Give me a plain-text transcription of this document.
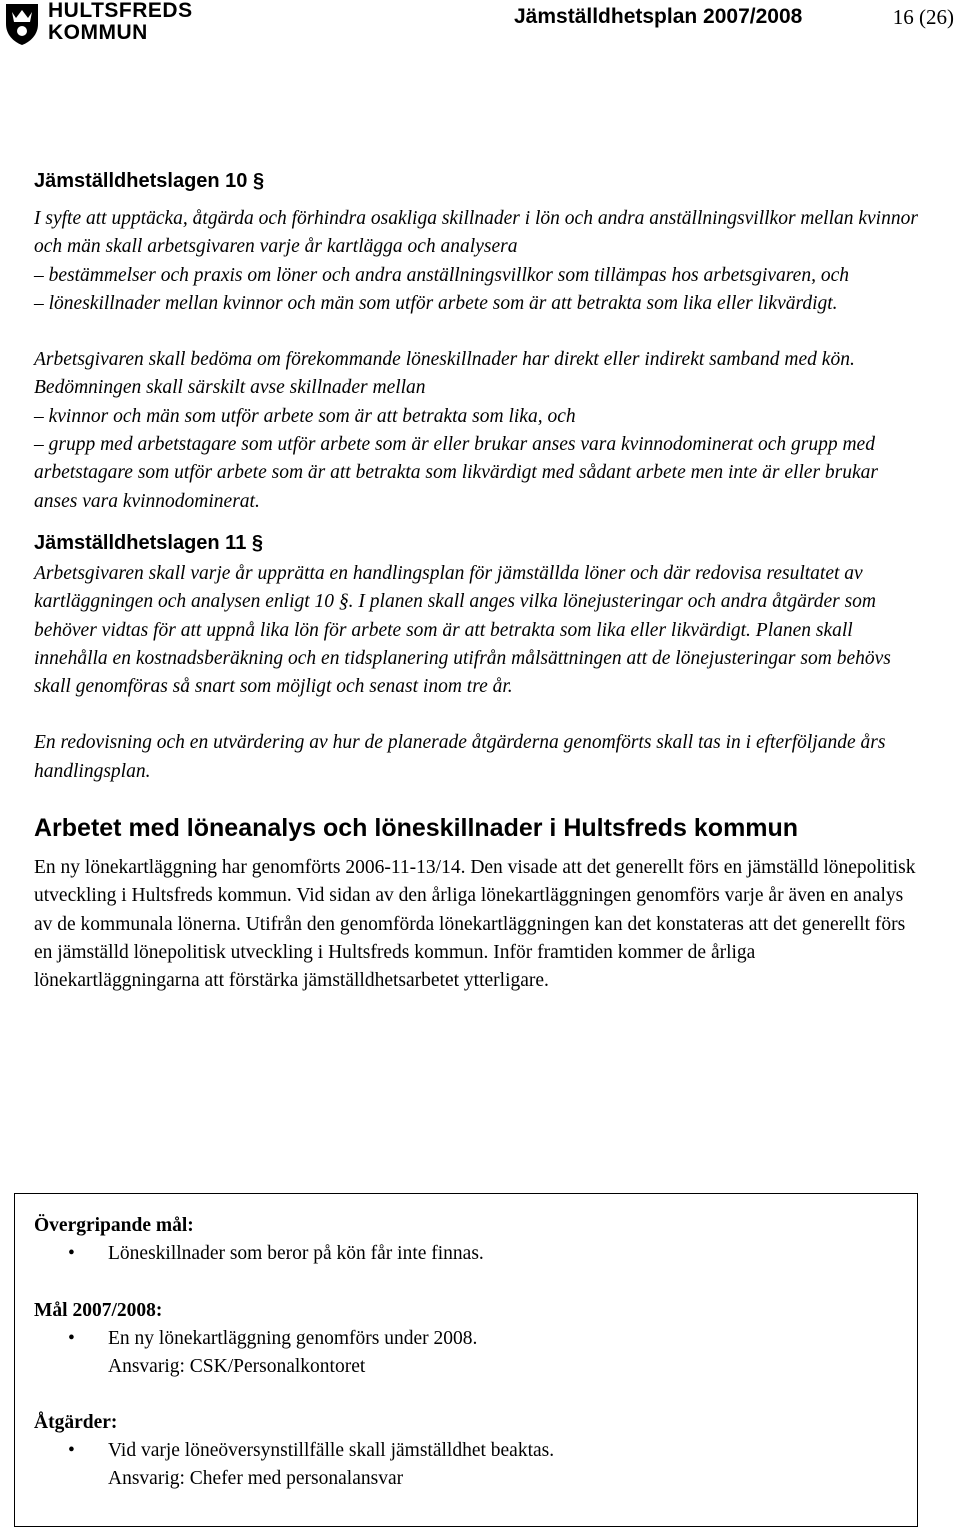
HULTSFREDS
KOMMUN
Jämställdhetsplan 2007/2008	16 (26)
Jämställdhetslagen 10 §

I syfte att upptäcka, åtgärda och förhindra osakliga skillnader i lön och andra anställningsvillkor mellan kvinnor och män skall arbetsgivaren varje år kartlägga och analysera

– bestämmelser och praxis om löner och andra anställningsvillkor som tillämpas hos arbetsgivaren, och

– löneskillnader mellan kvinnor och män som utför arbete som är att betrakta som lika eller likvärdigt.

Arbetsgivaren skall bedöma om förekommande löneskillnader har direkt eller indirekt samband med kön. Bedömningen skall särskilt avse skillnader mellan

– kvinnor och män som utför arbete som är att betrakta som lika, och

– grupp med arbetstagare som utför arbete som är eller brukar anses vara kvinnodominerat och grupp med arbetstagare som utför arbete som är att betrakta som likvärdigt med sådant arbete men inte är eller brukar anses vara kvinnodominerat.

Jämställdhetslagen 11 §

Arbetsgivaren skall varje år upprätta en handlingsplan för jämställda löner och där redovisa resultatet av kartläggningen och analysen enligt 10 §. I planen skall anges vilka lönejusteringar och andra åtgärder som behöver vidtas för att uppnå lika lön för arbete som är att betrakta som lika eller likvärdigt. Planen skall innehålla en kostnadsberäkning och en tidsplanering utifrån målsättningen att de lönejusteringar som behövs skall genomföras så snart som möjligt och senast inom tre år.

En redovisning och en utvärdering av hur de planerade åtgärderna genomförts skall tas in i efterföljande års handlingsplan.

Arbetet med löneanalys och löneskillnader i Hultsfreds kommun

En ny lönekartläggning har genomförts 2006-11-13/14. Den visade att det generellt förs en jämställd lönepolitisk utveckling i Hultsfreds kommun. Vid sidan av den årliga lönekartläggningen genomförs varje år även en analys av de kommunala lönerna. Utifrån den genomförda lönekartläggningen kan det konstateras att det generellt förs en jämställd lönepolitisk utveckling i Hultsfreds kommun. Inför framtiden kommer de årliga lönekartläggningarna att förstärka jämställdhetsarbetet ytterligare.

Övergripande mål:

• Löneskillnader som beror på kön får inte finnas.

Mål 2007/2008:

• En ny lönekartläggning genomförs under 2008.
Ansvarig: CSK/Personalkontoret

Åtgärder:

• Vid varje löneöversynstillfälle skall jämställdhet beaktas.
Ansvarig: Chefer med personalansvar
